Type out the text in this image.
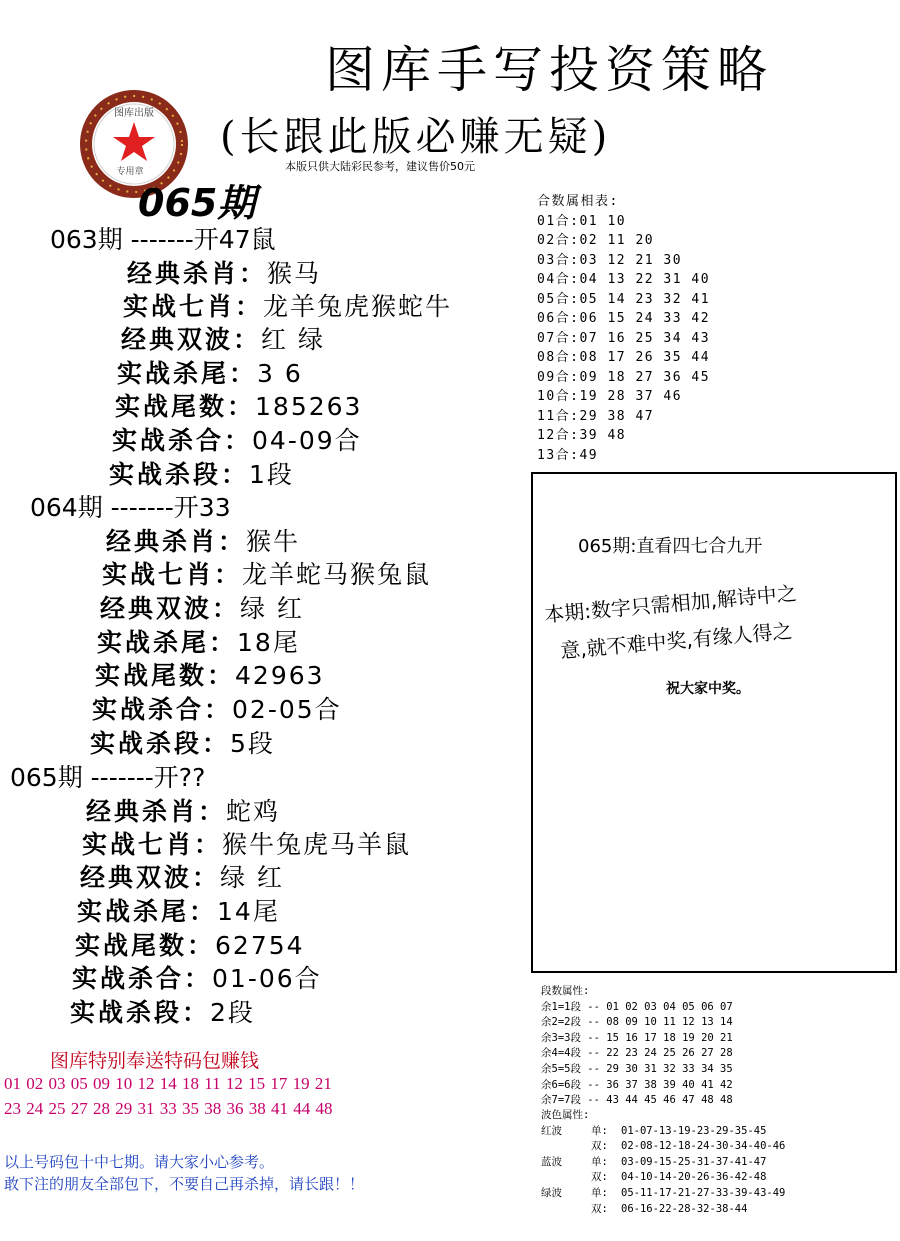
图库手写投资策略
(长跟此版必赚无疑)
本版只供大陆彩民参考，建议售价50元
图库出版
专用章
065期
063期 -------开47鼠
经典杀肖：猴马
实战七肖：龙羊兔虎猴蛇牛
经典双波：红 绿
实战杀尾：3 6
实战尾数：185263
实战杀合：04-09合
实战杀段：1段
064期 -------开33
经典杀肖：猴牛
实战七肖：龙羊蛇马猴兔鼠
经典双波：绿 红
实战杀尾：18尾
实战尾数：42963
实战杀合：02-05合
实战杀段：5段
065期 -------开??
经典杀肖：蛇鸡
实战七肖：猴牛兔虎马羊鼠
经典双波：绿 红
实战杀尾：14尾
实战尾数：62754
实战杀合：01-06合
实战杀段：2段
合数属相表:
01合:01 10
02合:02 11 20
03合:03 12 21 30
04合:04 13 22 31 40
05合:05 14 23 32 41
06合:06 15 24 33 42
07合:07 16 25 34 43
08合:08 17 26 35 44
09合:09 18 27 36 45
10合:19 28 37 46
11合:29 38 47
12合:39 48
13合:49
065期:直看四七合九开
本期:数字只需相加,解诗中之
意,就不难中奖,有缘人得之
祝大家中奖。
图库特别奉送特码包赚钱
01 02 03 05 09 10 12 14 18 11 12 15 17 19 21
23 24 25 27 28 29 31 33 35 38 36 38 41 44 48
以上号码包十中七期。请大家小心参考。
敢下注的朋友全部包下，不要自己再杀掉，请长跟！！
段数属性:
余1=1段 -- 01 02 03 04 05 06 07
余2=2段 -- 08 09 10 11 12 13 14
余3=3段 -- 15 16 17 18 19 20 21
余4=4段 -- 22 23 24 25 26 27 28
余5=5段 -- 29 30 31 32 33 34 35
余6=6段 -- 36 37 38 39 40 41 42
余7=7段 -- 43 44 45 46 47 48 48
波色属性:
红波	单: 01-07-13-19-23-29-35-45
双: 02-08-12-18-24-30-34-40-46
蓝波	单: 03-09-15-25-31-37-41-47
双: 04-10-14-20-26-36-42-48
绿波	单: 05-11-17-21-27-33-39-43-49
双: 06-16-22-28-32-38-44
